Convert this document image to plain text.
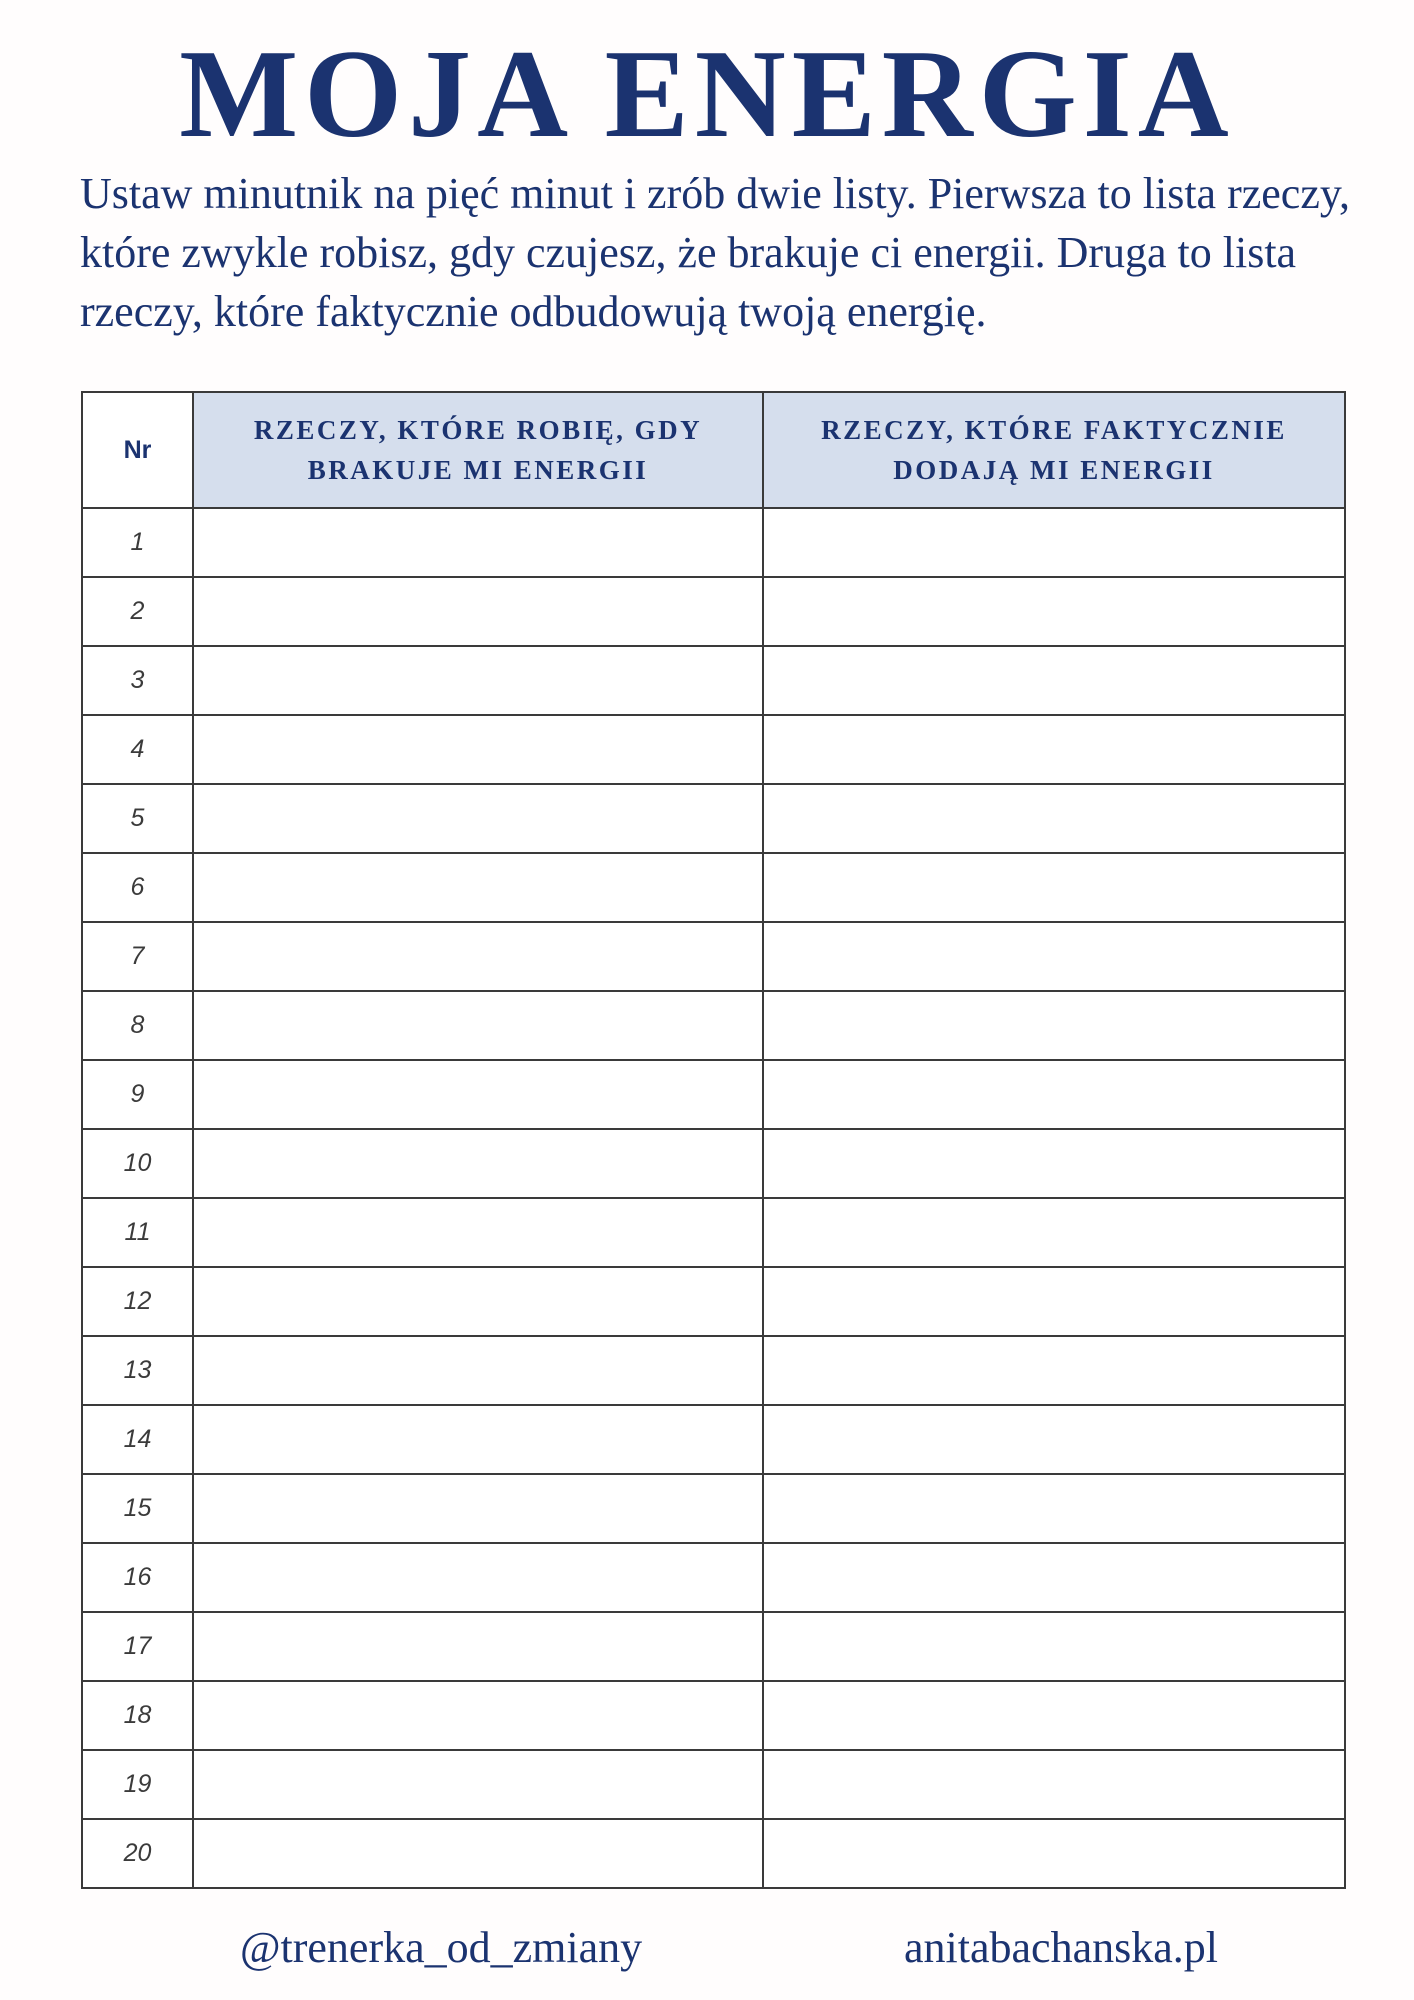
MOJA ENERGIA

Ustaw minutnik na pięć minut i zrób dwie listy. Pierwsza to lista rzeczy, które zwykle robisz, gdy czujesz, że brakuje ci energii. Druga to lista rzeczy, które faktycznie odbudowują twoją energię.

Nr	RZECZY, KTÓRE ROBIĘ, GDY BRAKUJE MI ENERGII	RZECZY, KTÓRE FAKTYCZNIE DODAJĄ MI ENERGII
1		
2		
3		
4		
5		
6		
7		
8		
9		
10		
11		
12		
13		
14		
15		
16		
17		
18		
19		
20		
@trenerka_od_zmiany	anitabachanska.pl
